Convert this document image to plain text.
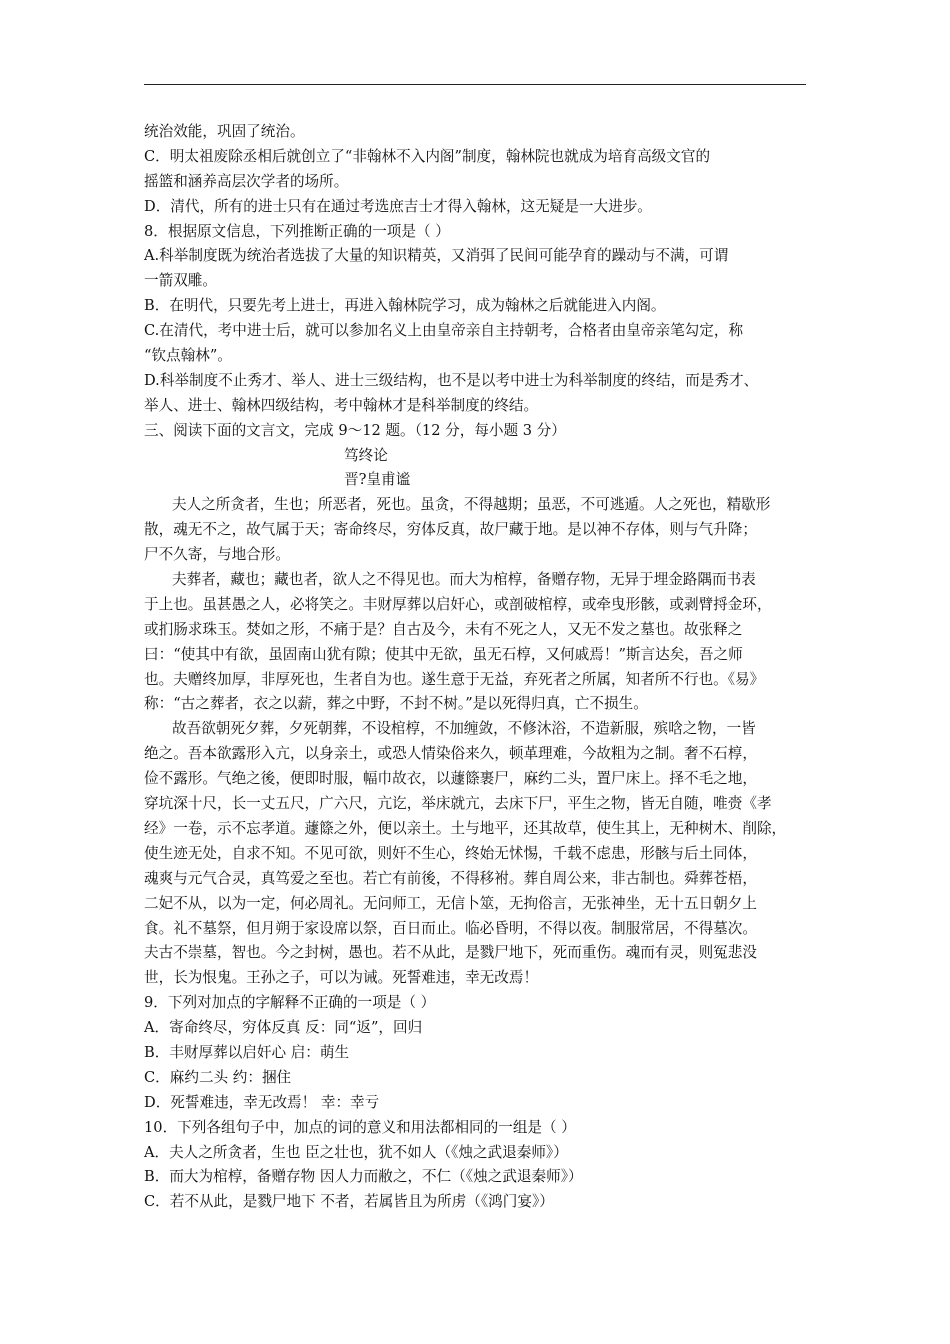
统治效能，巩固了统治。
C．明太祖废除丞相后就创立了“非翰林不入内阁”制度，翰林院也就成为培育高级文官的
摇篮和涵养高层次学者的场所。
D．清代，所有的进士只有在通过考选庶吉士才得入翰林，这无疑是一大进步。
8．根据原文信息，下列推断正确的一项是（ ）
A.科举制度既为统治者选拔了大量的知识精英，又消弭了民间可能孕育的躁动与不满，可谓
一箭双雕。
B．在明代，只要先考上进士，再进入翰林院学习，成为翰林之后就能进入内阁。
C.在清代，考中进士后，就可以参加名义上由皇帝亲自主持朝考，合格者由皇帝亲笔勾定，称
“钦点翰林”。
D.科举制度不止秀才、举人、进士三级结构，也不是以考中进士为科举制度的终结，而是秀才、
举人、进士、翰林四级结构，考中翰林才是科举制度的终结。
三、阅读下面的文言文，完成 9～12 题。（12 分，每小题 3 分）
笃终论
晋?皇甫谧
夫人之所贪者，生也；所恶者，死也。虽贪，不得越期；虽恶，不可逃遁。人之死也，精歇形
散，魂无不之，故气属于天；寄命终尽，穷体反真，故尸藏于地。是以神不存体，则与气升降；
尸不久寄，与地合形。
夫葬者，藏也；藏也者，欲人之不得见也。而大为棺椁，备赠存物，无异于埋金路隅而书表
于上也。虽甚愚之人，必将笑之。丰财厚葬以启奸心，或剖破棺椁，或牵曳形骸，或剥臂捋金环，
或扪肠求珠玉。焚如之形，不痛于是？自古及今，未有不死之人，又无不发之墓也。故张释之
曰：“使其中有欲，虽固南山犹有隙；使其中无欲，虽无石椁，又何戚焉！”斯言达矣，吾之师
也。夫赠终加厚，非厚死也，生者自为也。遂生意于无益，弃死者之所属，知者所不行也。《易》
称：“古之葬者，衣之以薪，葬之中野，不封不树。”是以死得归真，亡不损生。
故吾欲朝死夕葬，夕死朝葬，不设棺椁，不加缠敛，不修沐浴，不造新服，殡唅之物，一皆
绝之。吾本欲露形入亢，以身亲土，或恐人情染俗来久，顿革理难，今故粗为之制。奢不石椁，
俭不露形。气绝之後，便即时服，幅巾故衣，以蘧篨裹尸，麻约二头，置尸床上。择不毛之地，
穿坑深十尺，长一丈五尺，广六尺，亢讫，举床就亢，去床下尸，平生之物，皆无自随，唯赍《孝
经》一卷，示不忘孝道。蘧篨之外，便以亲土。土与地平，还其故草，使生其上，无种树木、削除，
使生迹无处，自求不知。不见可欲，则奸不生心，终始无怵惕，千载不虑患，形骸与后土同体，
魂爽与元气合灵，真笃爱之至也。若亡有前後，不得移袝。葬自周公来，非古制也。舜葬苍梧，
二妃不从，以为一定，何必周礼。无问师工，无信卜筮，无拘俗言，无张神坐，无十五日朝夕上
食。礼不墓祭，但月朔于家设席以祭，百日而止。临必昏明，不得以夜。制服常居，不得墓次。
夫古不崇墓，智也。今之封树，愚也。若不从此，是戮尸地下，死而重伤。魂而有灵，则冤悲没
世，长为恨鬼。王孙之子，可以为诫。死誓难违，幸无改焉！
9．下列对加点的字解释不正确的一项是（ ）
A．寄命终尽，穷体反真 反：同“返”，回归
B．丰财厚葬以启奸心 启：萌生
C．麻约二头 约：捆住
D．死誓难违，幸无改焉！ 幸：幸亏
10．下列各组句子中，加点的词的意义和用法都相同的一组是（ ）
A．夫人之所贪者，生也 臣之壮也，犹不如人（《烛之武退秦师》）
B．而大为棺椁，备赠存物 因人力而敝之，不仁（《烛之武退秦师》）
C．若不从此，是戮尸地下 不者，若属皆且为所虏（《鸿门宴》）
